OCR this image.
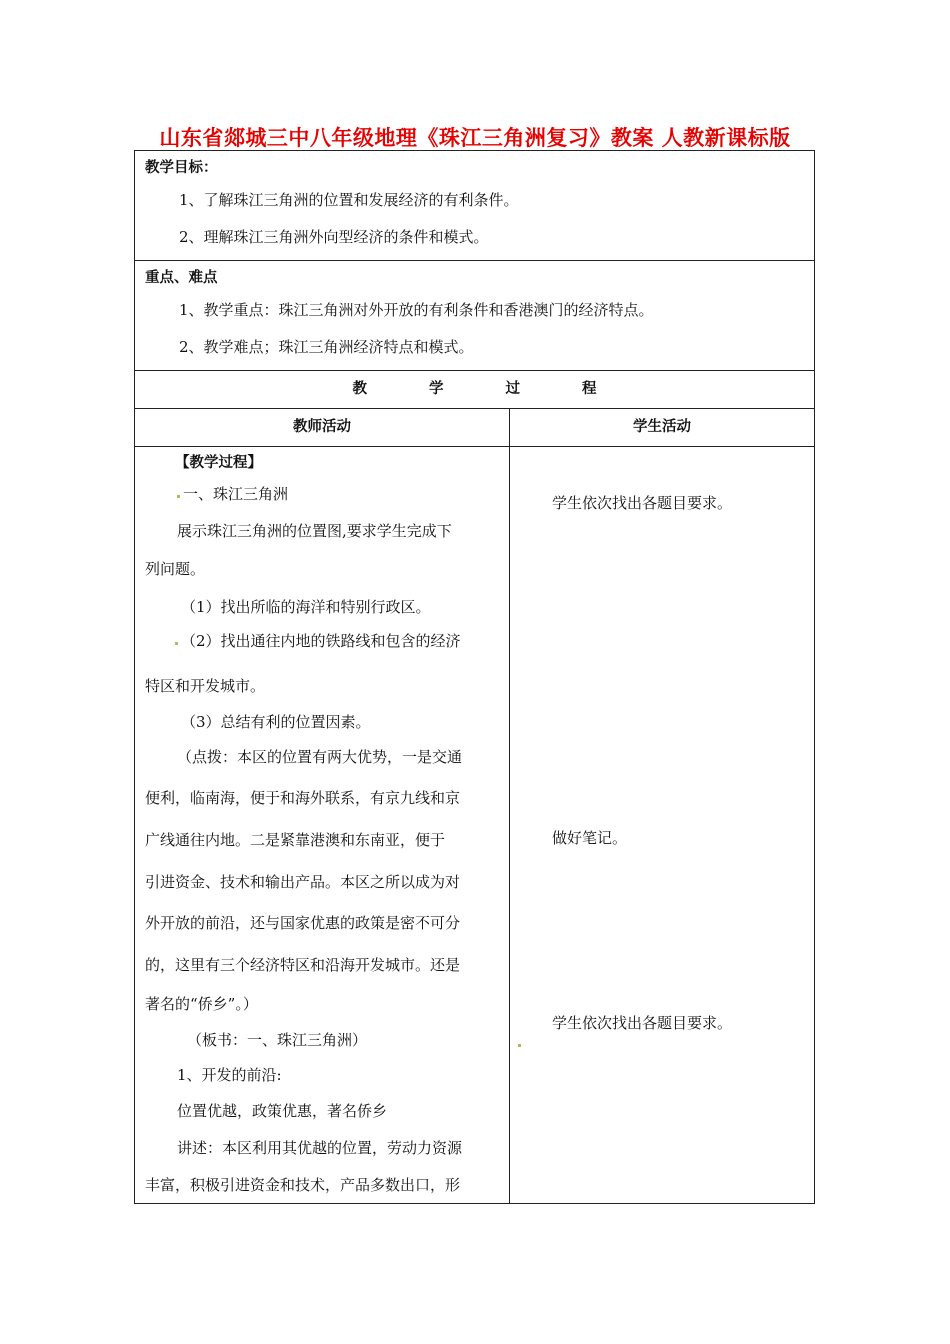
山东省郯城三中八年级地理《珠江三角洲复习》教案 人教新课标版
教学目标：
1、了解珠江三角洲的位置和发展经济的有利条件。
2、理解珠江三角洲外向型经济的条件和模式。
重点、难点
1、教学重点：珠江三角洲对外开放的有利条件和香港澳门的经济特点。
2、教学难点；珠江三角洲经济特点和模式。
教学过程
教师活动	学生活动
【教学过程】
一、珠江三角洲
展示珠江三角洲的位置图,要求学生完成下
列问题。
（1）找出所临的海洋和特别行政区。
（2）找出通往内地的铁路线和包含的经济
特区和开发城市。
（3）总结有利的位置因素。
（点拨：本区的位置有两大优势，一是交通
便利，临南海，便于和海外联系，有京九线和京
广线通往内地。二是紧靠港澳和东南亚，便于
引进资金、技术和输出产品。本区之所以成为对
外开放的前沿，还与国家优惠的政策是密不可分
的，这里有三个经济特区和沿海开发城市。还是
著名的“侨乡”。）
（板书：一、珠江三角洲）
1、开发的前沿:
位置优越，政策优惠，著名侨乡
讲述：本区利用其优越的位置，劳动力资源
丰富，积极引进资金和技术，产品多数出口，形
学生依次找出各题目要求。
做好笔记。
学生依次找出各题目要求。
